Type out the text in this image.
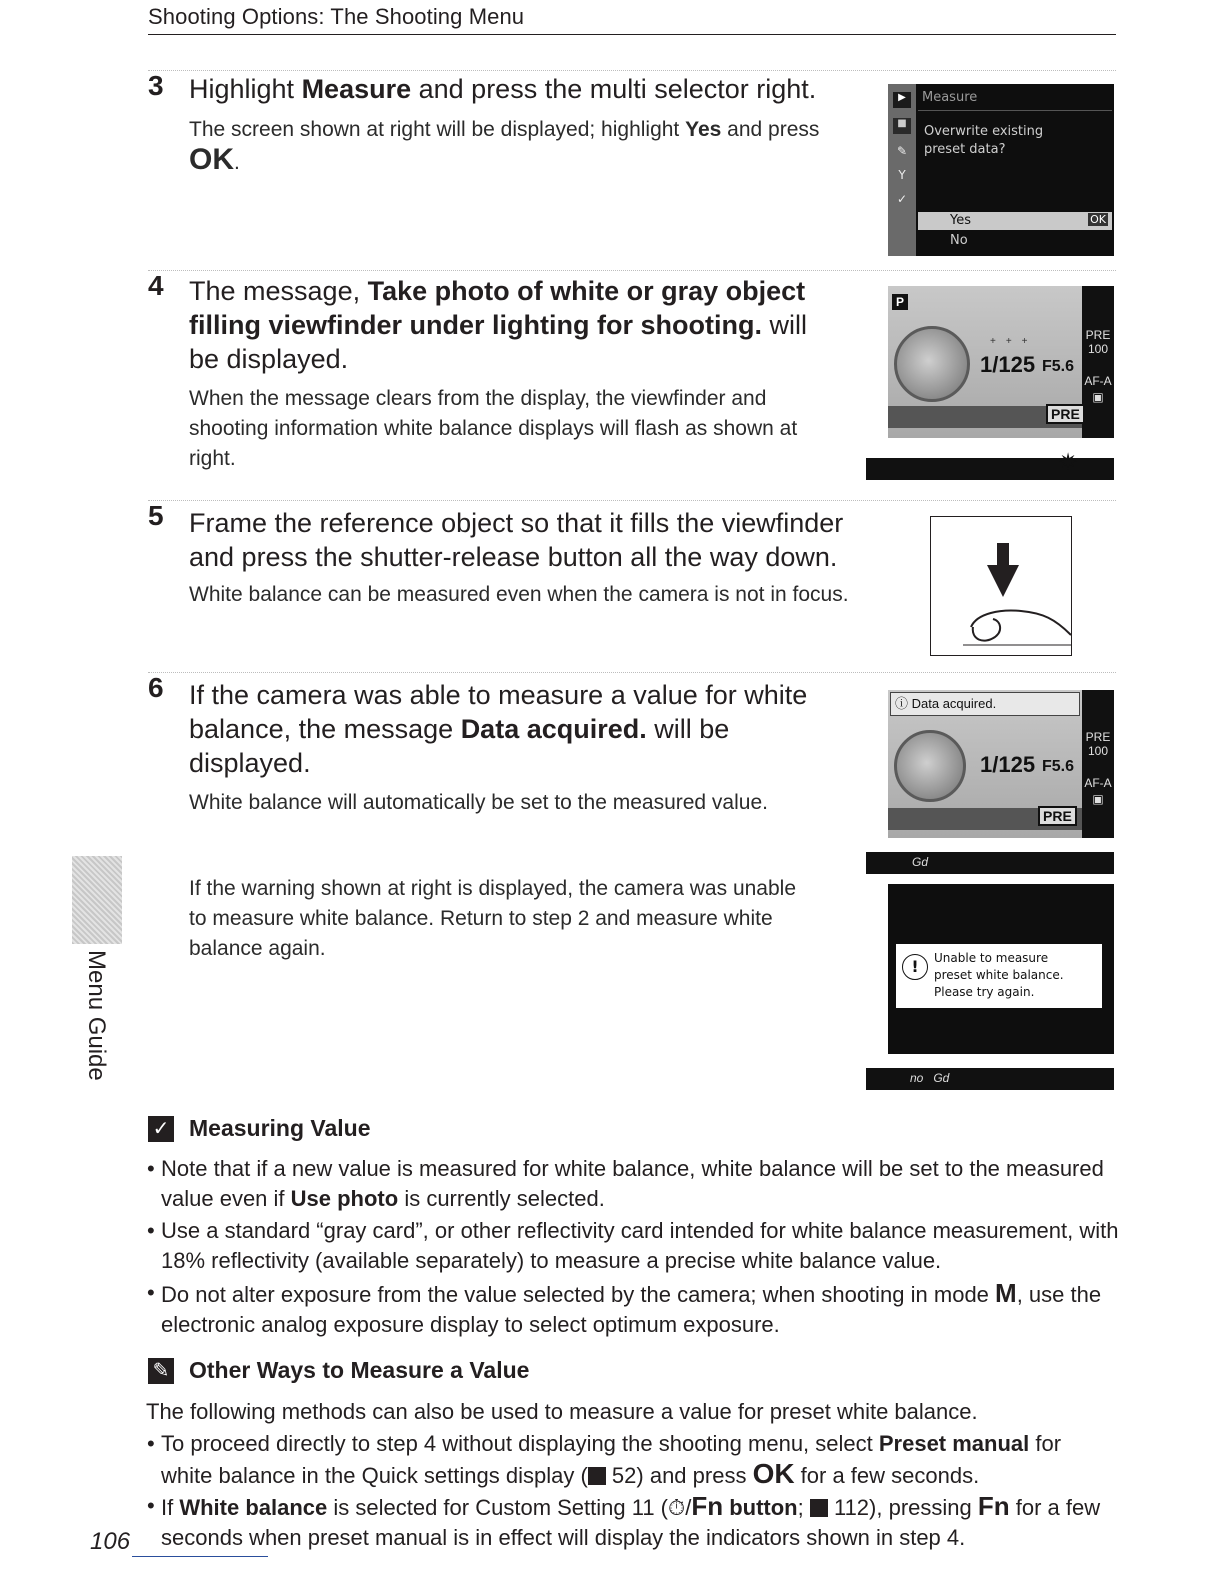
Shooting Options: The Shooting Menu
3 Highlight Measure and press the multi selector right.
The screen shown at right will be displayed; highlight Yes and press
OK.
▶
■
✎
Y
✓
Measure
Overwrite existing
preset data?
Yes	OK
No
4 The message, Take photo of white or gray object
filling viewfinder under lighting for shooting. will
be displayed.
When the message clears from the display, the viewfinder and
shooting information white balance displays will flash as shown at
right.
P
1/125 F5.6
+++	PRE
100
AF-A
▣
PRE
✷
5 Frame the reference object so that it fills the viewfinder
and press the shutter-release button all the way down.
White balance can be measured even when the camera is not in focus.
6 If the camera was able to measure a value for white
balance, the message Data acquired. will be
displayed.
White balance will automatically be set to the measured value.
ⓘ Data acquired.
1/125 F5.6
PRE
100
AF-A
▣
PRE
Gd
If the warning shown at right is displayed, the camera was unable
to measure white balance. Return to step 2 and measure white
balance again.
!	Unable to measure
preset white balance.
Please try again.
no   Gd
Menu Guide
✓ Measuring Value
• Note that if a new value is measured for white balance, white balance will be set to the measured
value even if Use photo is currently selected.
• Use a standard “gray card”, or other reflectivity card intended for white balance measurement, with
18% reflectivity (available separately) to measure a precise white balance value.
• Do not alter exposure from the value selected by the camera; when shooting in mode M, use the
electronic analog exposure display to select optimum exposure.
✎ Other Ways to Measure a Value
The following methods can also be used to measure a value for preset white balance.
• To proceed directly to step 4 without displaying the shooting menu, select Preset manual for
white balance in the Quick settings display ( 52) and press OK for a few seconds.
• If White balance is selected for Custom Setting 11 (⏱/Fn button;  112), pressing Fn for a few
seconds when preset manual is in effect will display the indicators shown in step 4.
106
